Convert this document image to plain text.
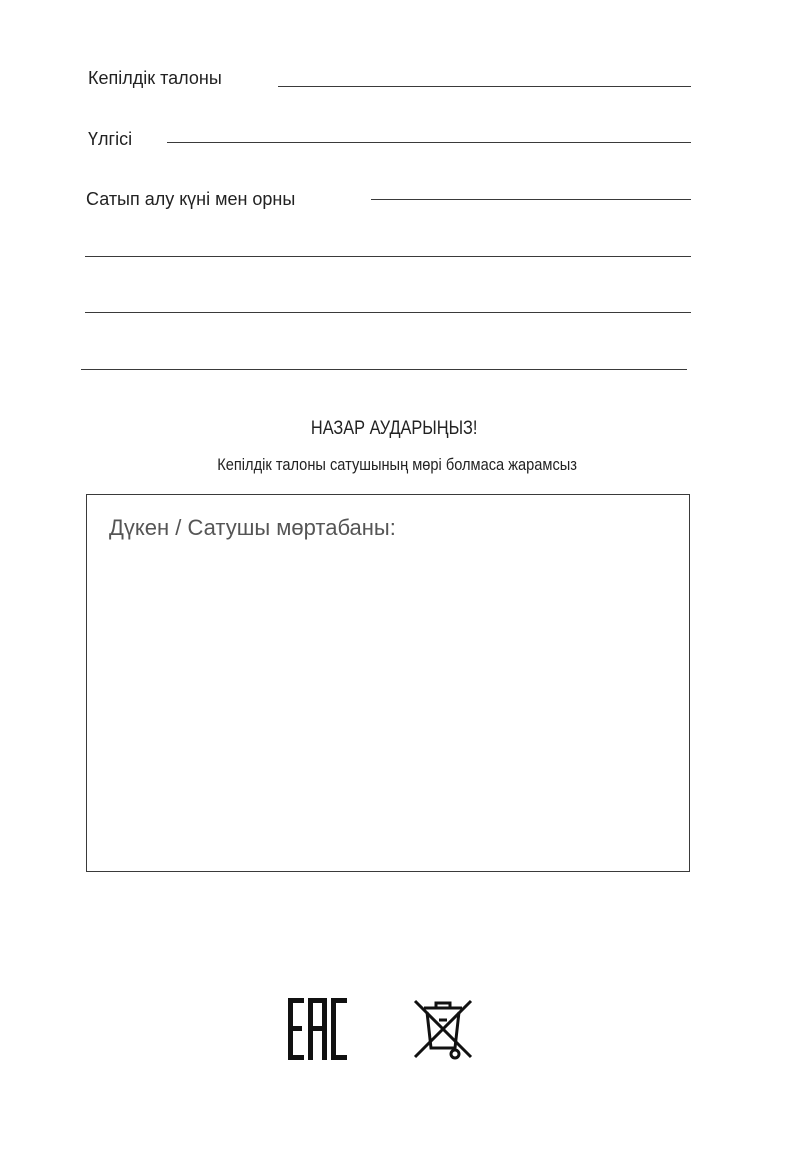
Кепілдік талоны
Үлгісі
Сатып алу күні мен орны
НАЗАР АУДАРЫҢЫЗ!
Кепілдік талоны сатушының мөрі болмаса жарамсыз
Дүкен / Сатушы мөртабаны:
